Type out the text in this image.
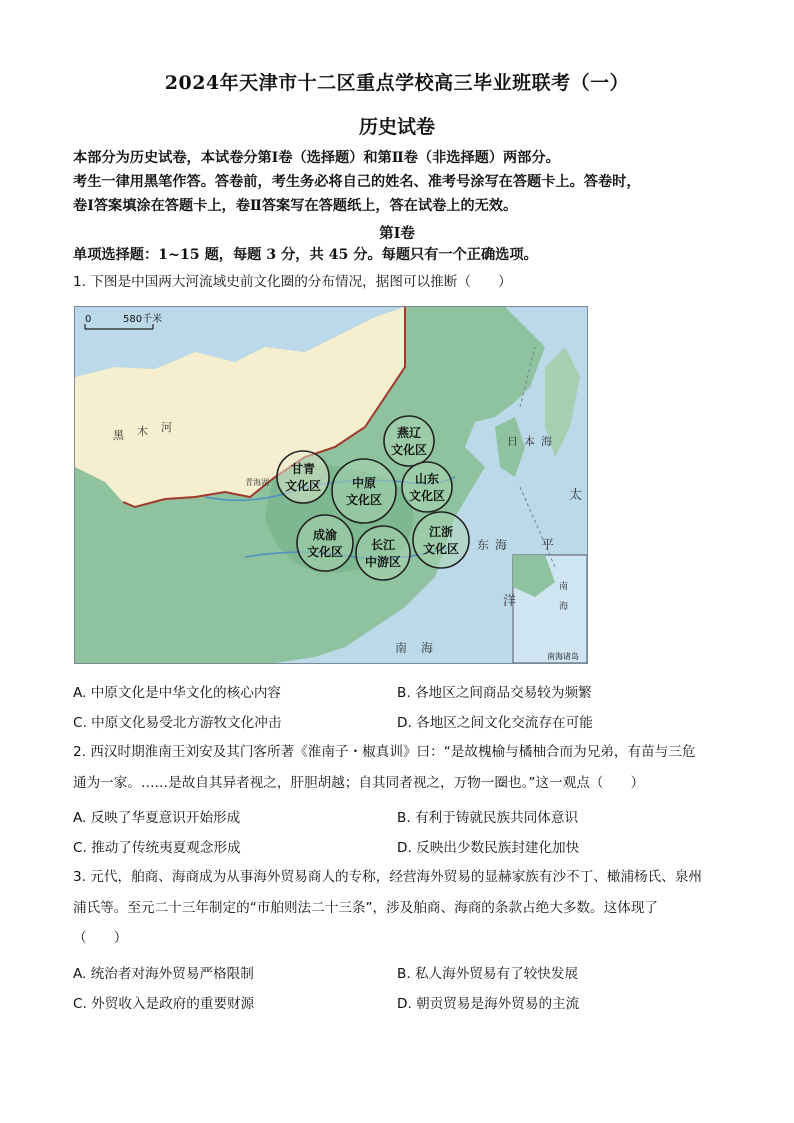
2024年天津市十二区重点学校高三毕业班联考（一）
历史试卷
本部分为历史试卷，本试卷分第Ⅰ卷（选择题）和第Ⅱ卷（非选择题）两部分。
考生一律用黑笔作答。答卷前，考生务必将自己的姓名、准考号涂写在答题卡上。答卷时，
卷Ⅰ答案填涂在答题卡上，卷Ⅱ答案写在答题纸上，答在试卷上的无效。
第Ⅰ卷
单项选择题：1~15 题，每题 3 分，共 45 分。每题只有一个正确选项。
1. 下图是中国两大河流域史前文化圈的分布情况，据图可以推断（　　）
0	580千米
黑 木 河
青海湖
日 本 海
太
平
洋
东 海
南 海
南
海
南海诸岛
燕辽
文化区
甘青
文化区	中原
文化区
山东
文化区
成渝
文化区 长江
中游区
江浙
文化区
A. 中原文化是中华文化的核心内容	B. 各地区之间商品交易较为频繁
C. 中原文化易受北方游牧文化冲击	D. 各地区之间文化交流存在可能
2. 西汉时期淮南王刘安及其门客所著《淮南子・椒真训》曰：“是故槐榆与橘柚合而为兄弟，有苗与三危
通为一家。……是故自其异者视之，肝胆胡越；自其同者视之，万物一圈也。”这一观点（　　）
A. 反映了华夏意识开始形成	B. 有利于铸就民族共同体意识
C. 推动了传统夷夏观念形成	D. 反映出少数民族封建化加快
3. 元代，舶商、海商成为从事海外贸易商人的专称，经营海外贸易的显赫家族有沙不丁、橄浦杨氏、泉州
浦氏等。至元二十三年制定的“市舶则法二十三条”，涉及舶商、海商的条款占绝大多数。这体现了
（　　）
A. 统治者对海外贸易严格限制	B. 私人海外贸易有了较快发展
C. 外贸收入是政府的重要财源	D. 朝贡贸易是海外贸易的主流
